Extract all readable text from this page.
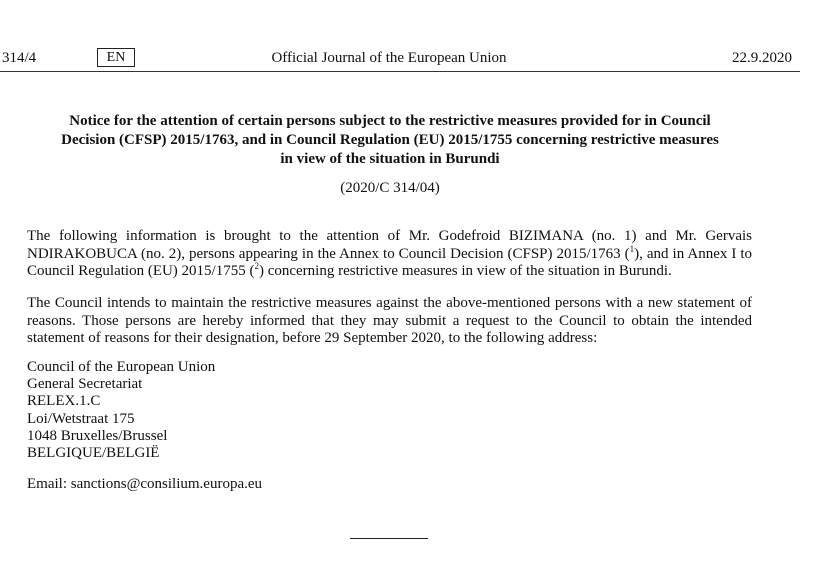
314/4	EN	Official Journal of the European Union	22.9.2020
Notice for the attention of certain persons subject to the restrictive measures provided for in Council Decision (CFSP) 2015/1763, and in Council Regulation (EU) 2015/1755 concerning restrictive measures in view of the situation in Burundi
(2020/C 314/04)
The following information is brought to the attention of Mr. Godefroid BIZIMANA (no. 1) and Mr. Gervais NDIRAKOBUCA (no. 2), persons appearing in the Annex to Council Decision (CFSP) 2015/1763 ($^1$), and in Annex I to Council Regulation (EU) 2015/1755 ($^2$) concerning restrictive measures in view of the situation in Burundi.
The Council intends to maintain the restrictive measures against the above-mentioned persons with a new statement of reasons. Those persons are hereby informed that they may submit a request to the Council to obtain the intended statement of reasons for their designation, before 29 September 2020, to the following address:
Council of the European Union
General Secretariat
RELEX.1.C
Loi/Wetstraat 175
1048 Bruxelles/Brussel
BELGIQUE/BELGIË
Email: sanctions@consilium.europa.eu
